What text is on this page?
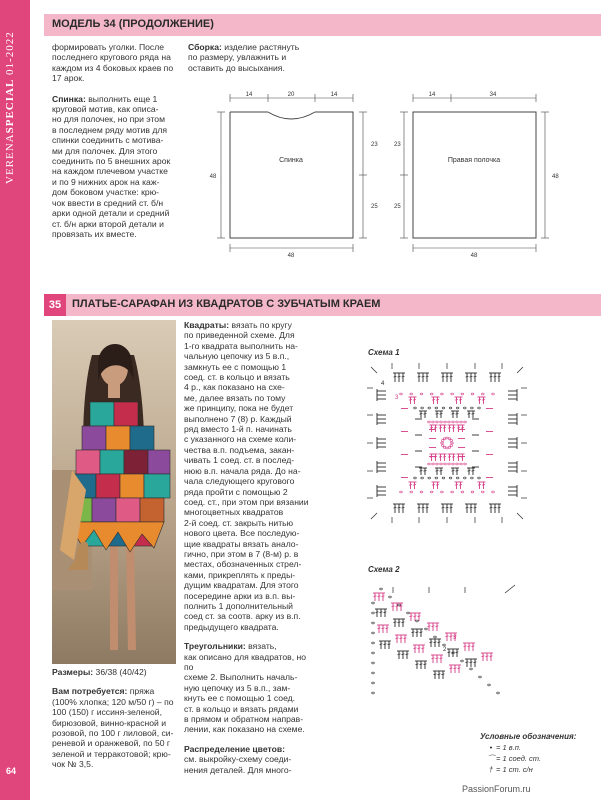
VERENASPECIAL 01-2022
64
МОДЕЛЬ 34 (ПРОДОЛЖЕНИЕ)
формировать уголки. После
последнего кругового ряда на
каждом из 4 боковых краев по
17 арок.
Спинка: выполнить еще 1
круговой мотив, как описа-
но для полочек, но при этом
в последнем ряду мотив для
спинки соединить с мотива-
ми для полочек. Для этого
соединить по 5 внешних арок
на каждом плечевом участке
и по 9 нижних арок на каж-
дом боковом участке: крю-
чок ввести в средний ст. б/н
арки одной детали и средний
ст. б/н арки второй детали и
провязать их вместе.
Сборка: изделие растянуть
по размеру, увлажнить и
оставить до высыхания.
14	20	14
23
25
48
48
Спинка
14	34
23
25
48
48
Правая полочка
35 ПЛАТЬЕ-САРАФАН ИЗ КВАДРАТОВ С ЗУБЧАТЫМ КРАЕМ
Размеры: 36/38 (40/42)
Вам потребуется: пряжа
(100% хлопка; 120 м/50 г) – по
100 (150) г иссиня-зеленой,
бирюзовой, винно-красной и
розовой, по 100 г лиловой, си-
реневой и оранжевой, по 50 г
зеленой и терракотовой; крю-
чок № 3,5.
Квадраты: вязать по кругу
по приведенной схеме. Для
1-го квадрата выполнить на-
чальную цепочку из 5 в.п.,
замкнуть ее с помощью 1
соед. ст. в кольцо и вязать
4 р., как показано на схе-
ме, далее вязать по тому
же принципу, пока не будет
выполнено 7 (8) р. Каждый
ряд вместо 1-й п. начинать
с указанного на схеме коли-
чества в.п. подъема, закан-
чивать 1 соед. ст. в послед-
нюю в.п. начала ряда. До на-
чала следующего кругового
ряда пройти с помощью 2
соед. ст., при этом при вязании
многоцветных квадратов
2-й соед. ст. закрыть нитью
нового цвета. Все последую-
щие квадраты вязать анало-
гично, при этом в 7 (8-м) р. в
местах, обозначенных стрел-
ками, прикреплять к преды-
дущим квадратам. Для этого
посередине арки из в.п. вы-
полнить 1 дополнительный
соед ст. за соотв. арку из в.п.
предыдущего квадрата.
Треугольники: вязать,
как описано для квадратов, но по
схеме 2. Выполнить началь-
ную цепочку из 5 в.п., зам-
кнуть ее с помощью 1 соед.
ст. в кольцо и вязать рядами
в прямом и обратном направ-
лении, как показано на схеме.
Распределение цветов:
см. выкройку-схему соеди-
нения деталей. Для много-
Схема 1
4
3
Схема 2
3
2
Условные обозначения:
• = 1 в.п.
⌒ = 1 соед. ст.
† = 1 ст. с/н
PassionForum.ru
